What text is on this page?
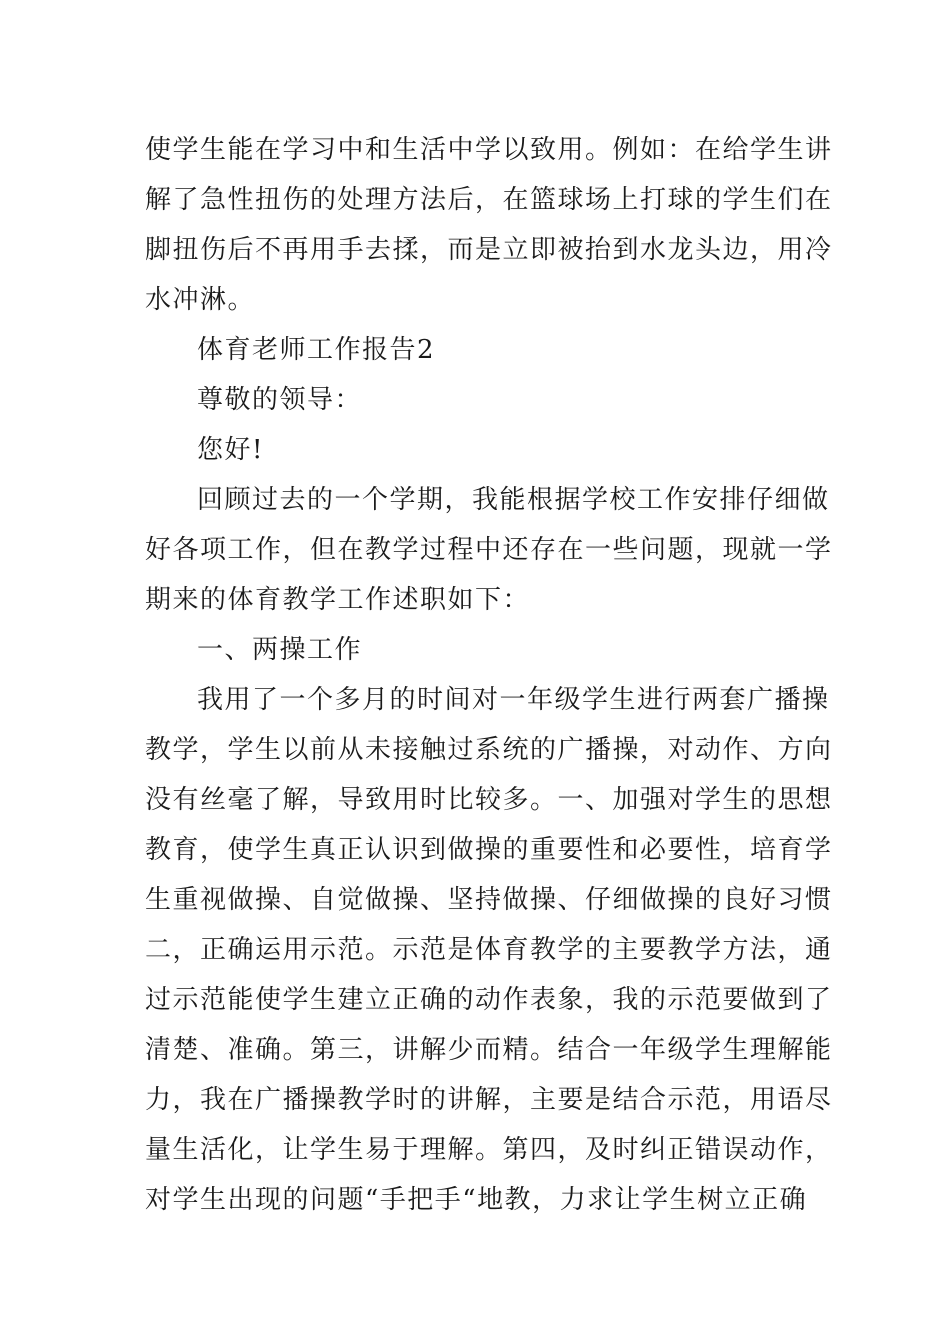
使学生能在学习中和生活中学以致用。例如：在给学生讲
解了急性扭伤的处理方法后，在篮球场上打球的学生们在
脚扭伤后不再用手去揉，而是立即被抬到水龙头边，用冷
水冲淋。
体育老师工作报告2
尊敬的领导：
您好!
回顾过去的一个学期，我能根据学校工作安排仔细做
好各项工作，但在教学过程中还存在一些问题，现就一学
期来的体育教学工作述职如下：
一、两操工作
我用了一个多月的时间对一年级学生进行两套广播操
教学，学生以前从未接触过系统的广播操，对动作、方向
没有丝毫了解，导致用时比较多。一、加强对学生的思想
教育，使学生真正认识到做操的重要性和必要性，培育学
生重视做操、自觉做操、坚持做操、仔细做操的良好习惯
二，正确运用示范。示范是体育教学的主要教学方法，通
过示范能使学生建立正确的动作表象，我的示范要做到了
清楚、准确。第三，讲解少而精。结合一年级学生理解能
力，我在广播操教学时的讲解，主要是结合示范，用语尽
量生活化，让学生易于理解。第四，及时纠正错误动作，
对学生出现的问题“手把手“地教，力求让学生树立正确
